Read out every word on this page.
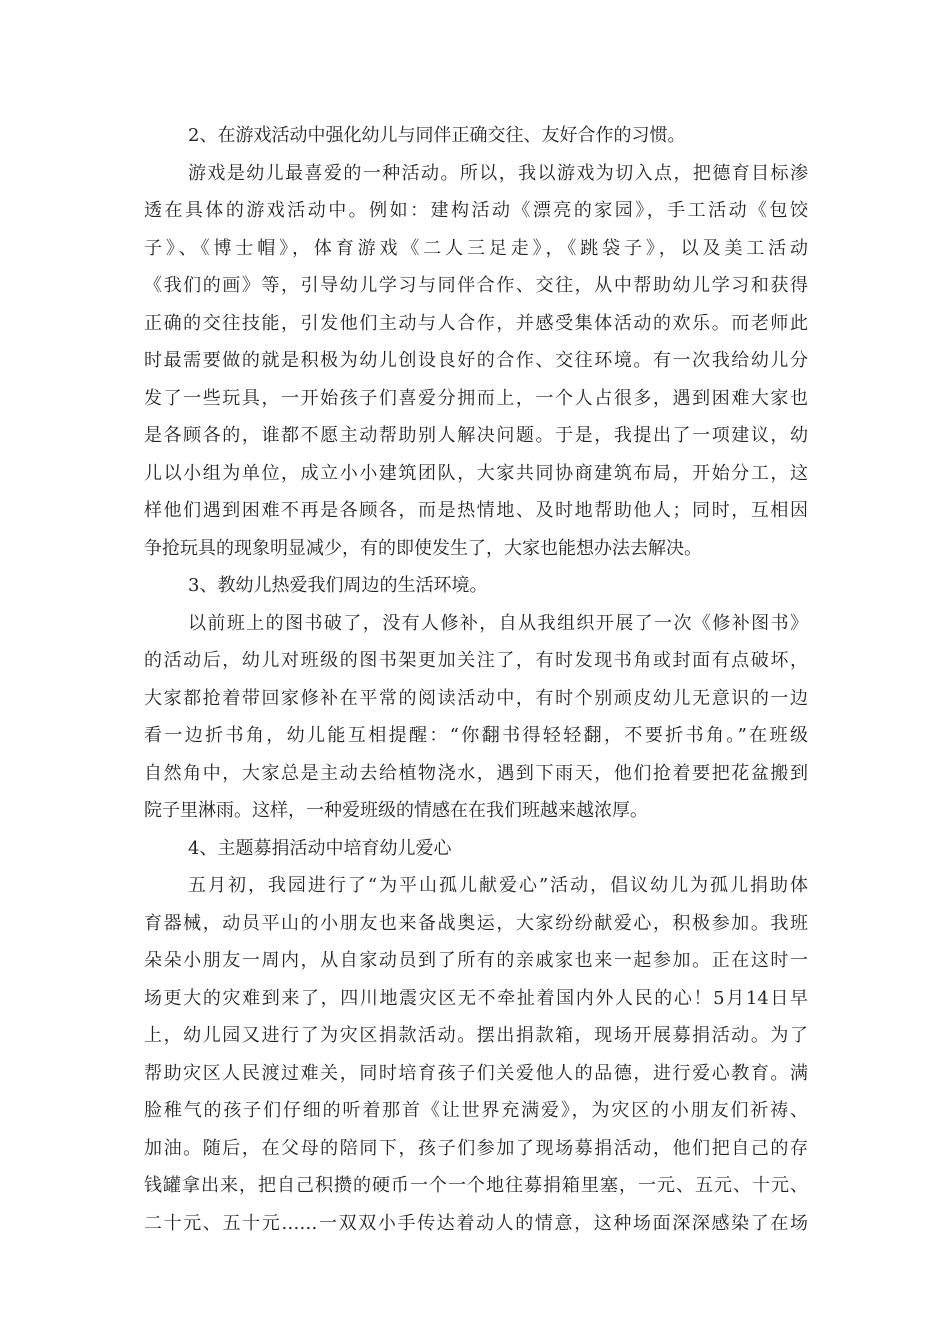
2、在游戏活动中强化幼儿与同伴正确交往、友好合作的习惯。
游戏是幼儿最喜爱的一种活动。所以，我以游戏为切入点，把德育目标渗
透在具体的游戏活动中。例如：建构活动《漂亮的家园》，手工活动《包饺
子》、《博士帽》，体育游戏《二人三足走》，《跳袋子》，以及美工活动
《我们的画》等，引导幼儿学习与同伴合作、交往，从中帮助幼儿学习和获得
正确的交往技能，引发他们主动与人合作，并感受集体活动的欢乐。而老师此
时最需要做的就是积极为幼儿创设良好的合作、交往环境。有一次我给幼儿分
发了一些玩具，一开始孩子们喜爱分拥而上，一个人占很多，遇到困难大家也
是各顾各的，谁都不愿主动帮助别人解决问题。于是，我提出了一项建议，幼
儿以小组为单位，成立小小建筑团队，大家共同协商建筑布局，开始分工，这
样他们遇到困难不再是各顾各，而是热情地、及时地帮助他人；同时，互相因
争抢玩具的现象明显减少，有的即使发生了，大家也能想办法去解决。
3、教幼儿热爱我们周边的生活环境。
以前班上的图书破了，没有人修补，自从我组织开展了一次《修补图书》
的活动后，幼儿对班级的图书架更加关注了，有时发现书角或封面有点破坏，
大家都抢着带回家修补在平常的阅读活动中，有时个别顽皮幼儿无意识的一边
看一边折书角，幼儿能互相提醒：“你翻书得轻轻翻，不要折书角。”在班级
自然角中，大家总是主动去给植物浇水，遇到下雨天，他们抢着要把花盆搬到
院子里淋雨。这样，一种爱班级的情感在在我们班越来越浓厚。
4、主题募捐活动中培育幼儿爱心
五月初，我园进行了“为平山孤儿献爱心”活动，倡议幼儿为孤儿捐助体
育器械，动员平山的小朋友也来备战奥运，大家纷纷献爱心，积极参加。我班
朵朵小朋友一周内，从自家动员到了所有的亲戚家也来一起参加。正在这时一
场更大的灾难到来了，四川地震灾区无不牵扯着国内外人民的心！5月14日早
上，幼儿园又进行了为灾区捐款活动。摆出捐款箱，现场开展募捐活动。为了
帮助灾区人民渡过难关，同时培育孩子们关爱他人的品德，进行爱心教育。满
脸稚气的孩子们仔细的听着那首《让世界充满爱》，为灾区的小朋友们祈祷、
加油。随后，在父母的陪同下，孩子们参加了现场募捐活动，他们把自己的存
钱罐拿出来，把自己积攒的硬币一个一个地往募捐箱里塞，一元、五元、十元、
二十元、五十元……一双双小手传达着动人的情意，这种场面深深感染了在场
